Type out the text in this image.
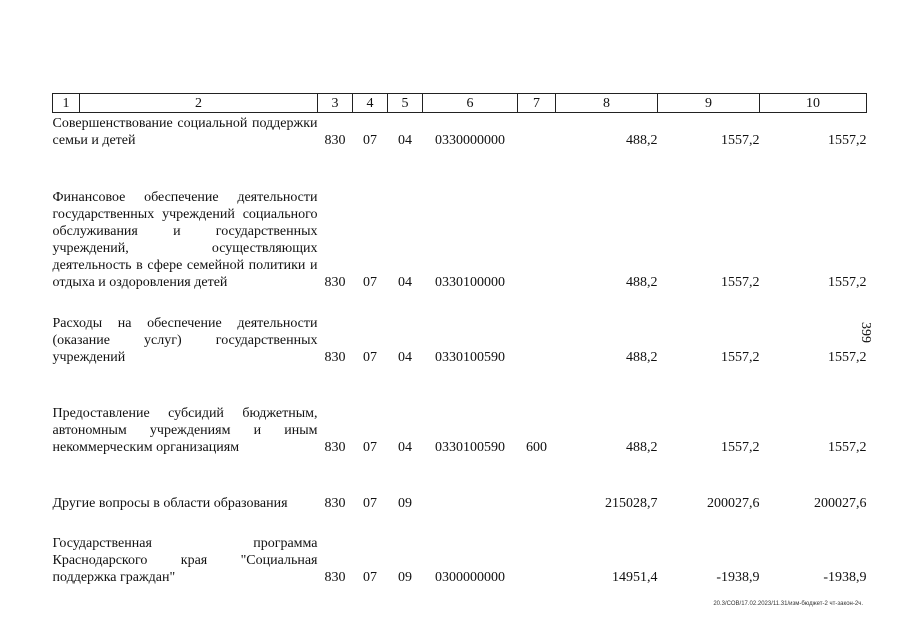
1	2	3	4	5	6	7	8	9	10
Совершенствование социальной поддержки семьи и детей		830	07	04	0330000000		488,2	1557,2	1557,2
Финансовое обеспечение деятельности государственных учреждений социального обслуживания и государственных учреждений, осуществляющих деятельность в сфере семейной политики и отдыха и оздоровления детей		830	07	04	0330100000		488,2	1557,2	1557,2
Расходы на обеспечение деятельности (оказание услуг) государственных учреждений		830	07	04	0330100590		488,2	1557,2	1557,2
Предоставление субсидий бюджетным, автономным учреждениям и иным некоммерческим организациям		830	07	04	0330100590	600	488,2	1557,2	1557,2
Другие вопросы в области образования		830	07	09			215028,7	200027,6	200027,6
Государственная программа Краснодарского края "Социальная поддержка граждан"		830	07	09	0300000000		14951,4	-1938,9	-1938,9
399
20.3/СОВ/17.02.2023/11.31/изм-бюджет-2 чт-закон-2ч.
